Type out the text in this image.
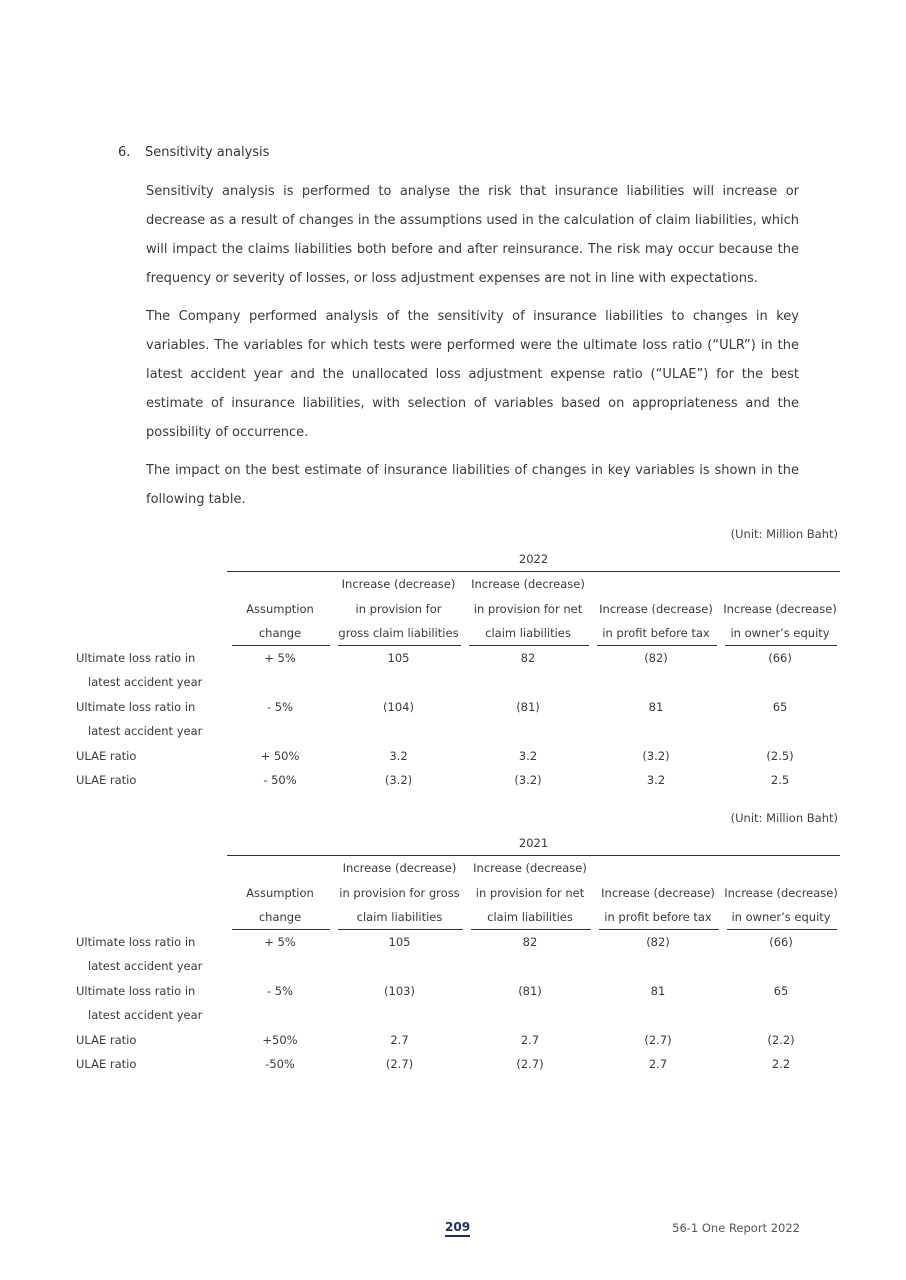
6. Sensitivity analysis

Sensitivity analysis is performed to analyse the risk that insurance liabilities will increase or decrease as a result of changes in the assumptions used in the calculation of claim liabilities, which will impact the claims liabilities both before and after reinsurance. The risk may occur because the frequency or severity of losses, or loss adjustment expenses are not in line with expectations.

The Company performed analysis of the sensitivity of insurance liabilities to changes in key variables. The variables for which tests were performed were the ultimate loss ratio (“ULR”) in the latest accident year and the unallocated loss adjustment expense ratio (“ULAE”) for the best estimate of insurance liabilities, with selection of variables based on appropriateness and the possibility of occurrence.

The impact on the best estimate of insurance liabilities of changes in key variables is shown in the following table.

(Unit: Million Baht)
	2022				
		Increase (decrease)	Increase (decrease)		
	Assumption	in provision for	in provision for net	Increase (decrease)	Increase (decrease)
	change	gross claim liabilities	claim liabilities	in profit before tax	in owner’s equity
Ultimate loss ratio in	+ 5%	105	82	(82)	(66)
latest accident year					
Ultimate loss ratio in	- 5%	(104)	(81)	81	65
latest accident year					
ULAE ratio	+ 50%	3.2	3.2	(3.2)	(2.5)
ULAE ratio	- 50%	(3.2)	(3.2)	3.2	2.5
(Unit: Million Baht)
	2021				
		Increase (decrease)	Increase (decrease)		
	Assumption	in provision for gross	in provision for net	Increase (decrease)	Increase (decrease)
	change	claim liabilities	claim liabilities	in profit before tax	in owner’s equity
Ultimate loss ratio in	+ 5%	105	82	(82)	(66)
latest accident year					
Ultimate loss ratio in	- 5%	(103)	(81)	81	65
latest accident year					
ULAE ratio	+50%	2.7	2.7	(2.7)	(2.2)
ULAE ratio	-50%	(2.7)	(2.7)	2.7	2.2
209	56-1 One Report 2022
